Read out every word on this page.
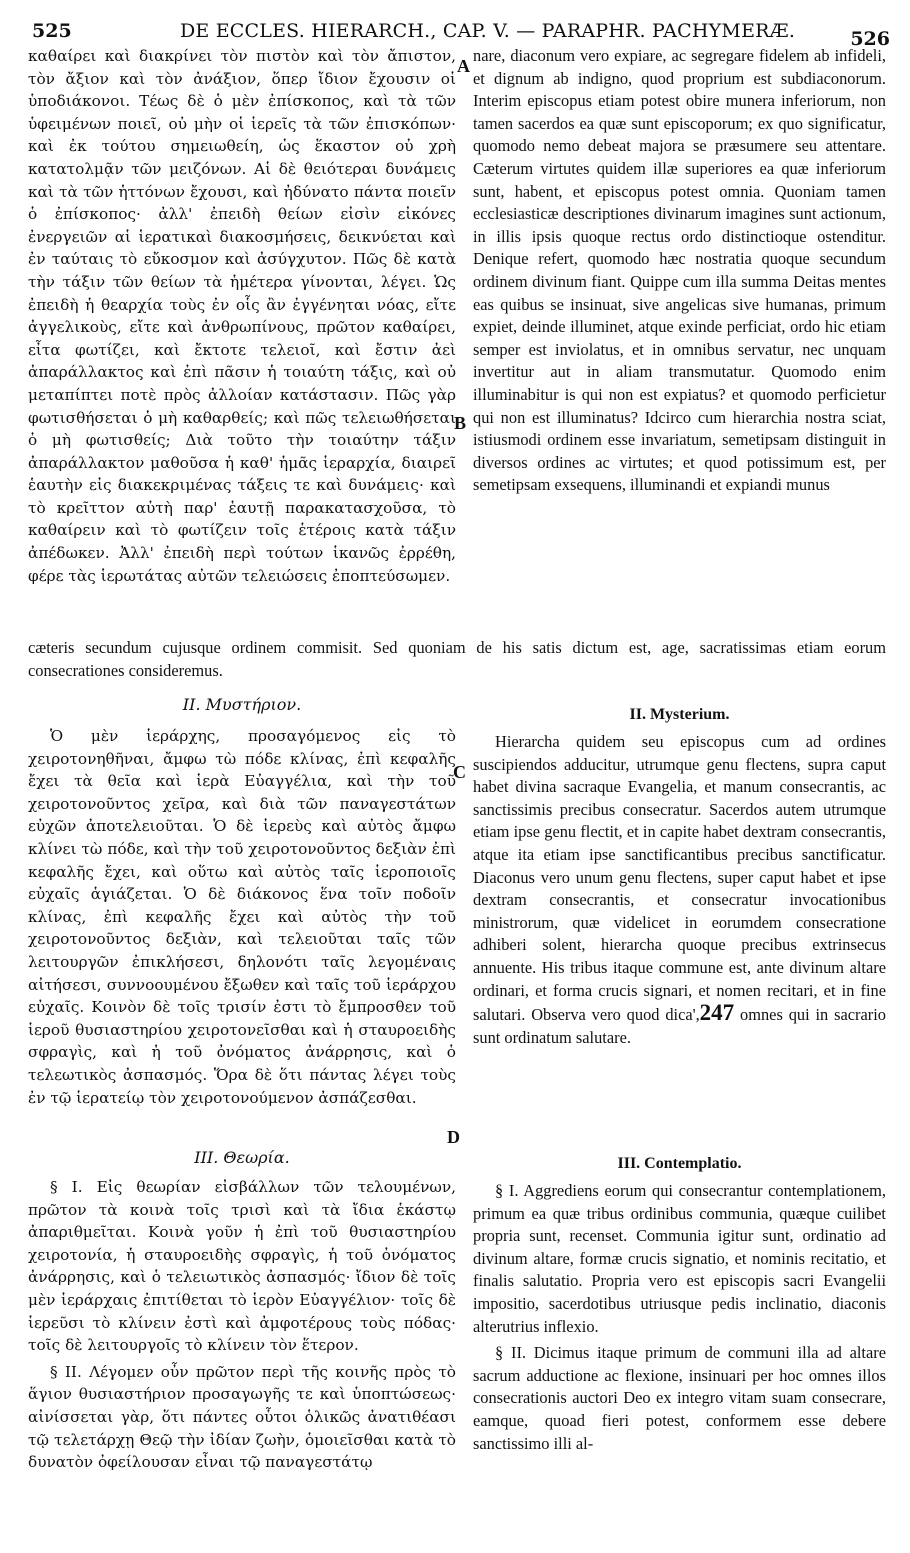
525	DE ECCLES. HIERARCH., CAP. V. — PARAPHR. PACHYMERÆ.	526
A
B
C
D

καθαίρει καὶ διακρίνει τὸν πιστὸν καὶ τὸν ἄπιστον, τὸν ἄξιον καὶ τὸν ἀνάξιον, ὅπερ ἴδιον ἔχουσιν οἱ ὑποδιάκονοι. Τέως δὲ ὁ μὲν ἐπίσκοπος, καὶ τὰ τῶν ὑφειμένων ποιεῖ, οὐ μὴν οἱ ἱερεῖς τὰ τῶν ἐπισκόπων· καὶ ἐκ τούτου σημειωθείη, ὡς ἕκαστον οὐ χρὴ κατατολμᾷν τῶν μειζόνων. Αἱ δὲ θειότεραι δυνάμεις καὶ τὰ τῶν ἡττόνων ἔχουσι, καὶ ἠδύνατο πάντα ποιεῖν ὁ ἐπίσκοπος· ἀλλ' ἐπειδὴ θείων εἰσὶν εἰκόνες ἐνεργειῶν αἱ ἱερατικαὶ διακοσμήσεις, δεικνύεται καὶ ἐν ταύταις τὸ εὔκοσμον καὶ ἀσύγχυτον. Πῶς δὲ κατὰ τὴν τάξιν τῶν θείων τὰ ἡμέτερα γίνονται, λέγει. Ὡς ἐπειδὴ ἡ θεαρχία τοὺς ἐν οἷς ἂν ἐγγένηται νόας, εἴτε ἀγγελικοὺς, εἴτε καὶ ἀνθρωπίνους, πρῶτον καθαίρει, εἶτα φωτίζει, καὶ ἔκτοτε τελειοῖ, καὶ ἔστιν ἀεὶ ἀπαράλλακτος καὶ ἐπὶ πᾶσιν ἡ τοιαύτη τάξις, καὶ οὐ μεταπίπτει ποτὲ πρὸς ἀλλοίαν κατάστασιν. Πῶς γὰρ φωτισθήσεται ὁ μὴ καθαρθείς; καὶ πῶς τελειωθήσεται ὁ μὴ φωτισθείς; Διὰ τοῦτο τὴν τοιαύτην τάξιν ἀπαράλλακτον μαθοῦσα ἡ καθ' ἡμᾶς ἱεραρχία, διαιρεῖ ἑαυτὴν εἰς διακεκριμένας τάξεις τε καὶ δυνάμεις· καὶ τὸ κρεῖττον αὐτὴ παρ' ἑαυτῇ παρακατασχοῦσα, τὸ καθαίρειν καὶ τὸ φωτίζειν τοῖς ἑτέροις κατὰ τάξιν ἀπέδωκεν. Ἀλλ' ἐπειδὴ περὶ τούτων ἱκανῶς ἐρρέθη, φέρε τὰς ἱερωτάτας αὐτῶν τελειώσεις ἐποπτεύσωμεν.

nare, diaconum vero expiare, ac segregare fidelem ab infideli, et dignum ab indigno, quod proprium est subdiaconorum. Interim episcopus etiam potest obire munera inferiorum, non tamen sacerdos ea quæ sunt episcoporum; ex quo significatur, quomodo nemo debeat majora se præsumere seu attentare. Cæterum virtutes quidem illæ superiores ea quæ inferiorum sunt, habent, et episcopus potest omnia. Quoniam tamen ecclesiasticæ descriptiones divinarum imagines sunt actionum, in illis ipsis quoque rectus ordo distinctioque ostenditur. Denique refert, quomodo hæc nostratia quoque secundum ordinem divinum fiant. Quippe cum illa summa Deitas mentes eas quibus se insinuat, sive angelicas sive humanas, primum expiet, deinde illuminet, atque exinde perficiat, ordo hic etiam semper est inviolatus, et in omnibus servatur, nec unquam invertitur aut in aliam transmutatur. Quomodo enim illuminabitur is qui non est expiatus? et quomodo perficietur qui non est illuminatus? Idcirco cum hierarchia nostra sciat, istiusmodi ordinem esse invariatum, semetipsam distinguit in diversos ordines ac virtutes; et quod potissimum est, per semetipsam exsequens, illuminandi et expiandi munus

cæteris secundum cujusque ordinem commisit. Sed quoniam de his satis dictum est, age, sacratissimas etiam eorum consecrationes consideremus.

II. Μυστήριον.

Ὁ μὲν ἱεράρχης, προσαγόμενος εἰς τὸ χειροτονηθῆναι, ἄμφω τὼ πόδε κλίνας, ἐπὶ κεφαλῆς ἔχει τὰ θεῖα καὶ ἱερὰ Εὐαγγέλια, καὶ τὴν τοῦ χειροτονοῦντος χεῖρα, καὶ διὰ τῶν παναγεστάτων εὐχῶν ἀποτελειοῦται. Ὁ δὲ ἱερεὺς καὶ αὐτὸς ἄμφω κλίνει τὼ πόδε, καὶ τὴν τοῦ χειροτονοῦντος δεξιὰν ἐπὶ κεφαλῆς ἔχει, καὶ οὕτω καὶ αὐτὸς ταῖς ἱεροποιοῖς εὐχαῖς ἁγιάζεται. Ὁ δὲ διάκονος ἕνα τοῖν ποδοῖν κλίνας, ἐπὶ κεφαλῆς ἔχει καὶ αὐτὸς τὴν τοῦ χειροτονοῦντος δεξιὰν, καὶ τελειοῦται ταῖς τῶν λειτουργῶν ἐπικλήσεσι, δηλονότι ταῖς λεγομέναις αἰτήσεσι, συννοουμένου ἔξωθεν καὶ ταῖς τοῦ ἱεράρχου εὐχαῖς. Κοινὸν δὲ τοῖς τρισίν ἐστι τὸ ἔμπροσθεν τοῦ ἱεροῦ θυσιαστηρίου χειροτονεῖσθαι καὶ ἡ σταυροειδὴς σφραγὶς, καὶ ἡ τοῦ ὀνόματος ἀνάρρησις, καὶ ὁ τελεωτικὸς ἀσπασμός. Ὅρα δὲ ὅτι πάντας λέγει τοὺς ἐν τῷ ἱερατείῳ τὸν χειροτονούμενον ἀσπάζεσθαι.

II. Mysterium.

Hierarcha quidem seu episcopus cum ad ordines suscipiendos adducitur, utrumque genu flectens, supra caput habet divina sacraque Evangelia, et manum consecrantis, ac sanctissimis precibus consecratur. Sacerdos autem utrumque etiam ipse genu flectit, et in capite habet dextram consecrantis, atque ita etiam ipse sanctificantibus precibus sanctificatur. Diaconus vero unum genu flectens, super caput habet et ipse dextram consecrantis, et consecratur invocationibus ministrorum, quæ videlicet in eorumdem consecratione adhiberi solent, hierarcha quoque precibus extrinsecus annuente. His tribus itaque commune est, ante divinum altare ordinari, et forma crucis signari, et nomen recitari, et in fine salutari. Observa vero quod dica',247 omnes qui in sacrario sunt ordinatum salutare.

III. Θεωρία.

§ I. Εἰς θεωρίαν εἰσβάλλων τῶν τελουμένων, πρῶτον τὰ κοινὰ τοῖς τρισὶ καὶ τὰ ἴδια ἑκάστῳ ἀπαριθμεῖται. Κοινὰ γοῦν ἡ ἐπὶ τοῦ θυσιαστηρίου χειροτονία, ἡ σταυροειδὴς σφραγὶς, ἡ τοῦ ὀνόματος ἀνάρρησις, καὶ ὁ τελειωτικὸς ἀσπασμός· ἴδιον δὲ τοῖς μὲν ἱεράρχαις ἐπιτίθεται τὸ ἱερὸν Εὐαγγέλιον· τοῖς δὲ ἱερεῦσι τὸ κλίνειν ἐστὶ καὶ ἀμφοτέρους τοὺς πόδας· τοῖς δὲ λειτουργοῖς τὸ κλίνειν τὸν ἕτερον.

§ II. Λέγομεν οὖν πρῶτον περὶ τῆς κοινῆς πρὸς τὸ ἅγιον θυσιαστήριον προσαγωγῆς τε καὶ ὑποπτώσεως· αἰνίσσεται γὰρ, ὅτι πάντες οὗτοι ὁλικῶς ἀνατιθέασι τῷ τελετάρχῃ Θεῷ τὴν ἰδίαν ζωὴν, ὁμοιεῖσθαι κατὰ τὸ δυνατὸν ὀφείλουσαν εἶναι τῷ παναγεστάτῳ

III. Contemplatio.

§ I. Aggrediens eorum qui consecrantur contemplationem, primum ea quæ tribus ordinibus communia, quæque cuilibet propria sunt, recenset. Communia igitur sunt, ordinatio ad divinum altare, formæ crucis signatio, et nominis recitatio, et finalis salutatio. Propria vero est episcopis sacri Evangelii impositio, sacerdotibus utriusque pedis inclinatio, diaconis alterutrius inflexio.

§ II. Dicimus itaque primum de communi illa ad altare sacrum adductione ac flexione, insinuari per hoc omnes illos consecrationis auctori Deo ex integro vitam suam consecrare, eamque, quoad fieri potest, conformem esse debere sanctissimo illi al-
